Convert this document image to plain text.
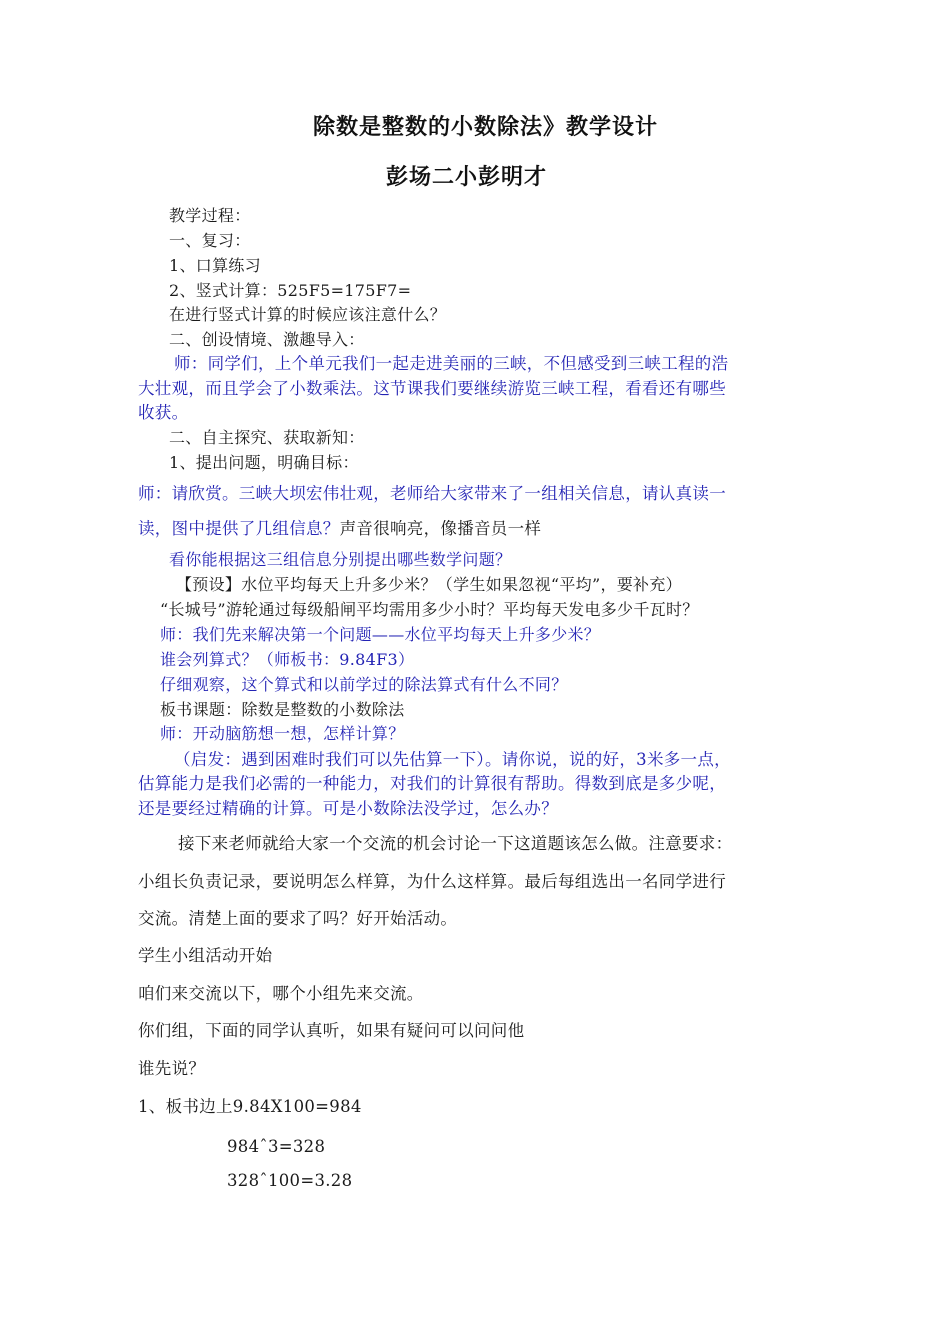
除数是整数的小数除法》教学设计
彭场二小彭明才
教学过程：
一、复习：
1、口算练习
2、竖式计算：525F5=175F7=
在进行竖式计算的时候应该注意什么？
二、创设情境、激趣导入：
师：同学们，上个单元我们一起走进美丽的三峡，不但感受到三峡工程的浩
大壮观，而且学会了小数乘法。这节课我们要继续游览三峡工程，看看还有哪些
收获。
二、自主探究、获取新知：
1、提出问题，明确目标：
师：请欣赏。三峡大坝宏伟壮观，老师给大家带来了一组相关信息，请认真读一
读，图中提供了几组信息？声音很响亮，像播音员一样
看你能根据这三组信息分别提出哪些数学问题？
【预设】水位平均每天上升多少米？（学生如果忽视“平均”，要补充）
“长城号”游轮通过每级船闸平均需用多少小时？平均每天发电多少千瓦时？
师：我们先来解决第一个问题——水位平均每天上升多少米？
谁会列算式？（师板书：9.84F3）
仔细观察，这个算式和以前学过的除法算式有什么不同？
板书课题：除数是整数的小数除法
师：开动脑筋想一想，怎样计算？
（启发：遇到困难时我们可以先估算一下）。请你说，说的好，3米多一点，
估算能力是我们必需的一种能力，对我们的计算很有帮助。得数到底是多少呢，
还是要经过精确的计算。可是小数除法没学过，怎么办？
接下来老师就给大家一个交流的机会讨论一下这道题该怎么做。注意要求：
小组长负责记录，要说明怎么样算，为什么这样算。最后每组选出一名同学进行
交流。清楚上面的要求了吗？好开始活动。
学生小组活动开始
咱们来交流以下，哪个小组先来交流。
你们组，下面的同学认真听，如果有疑问可以问问他
谁先说？
1、板书边上9.84X100=984
984ˆ3=328
328ˆ100=3.28
